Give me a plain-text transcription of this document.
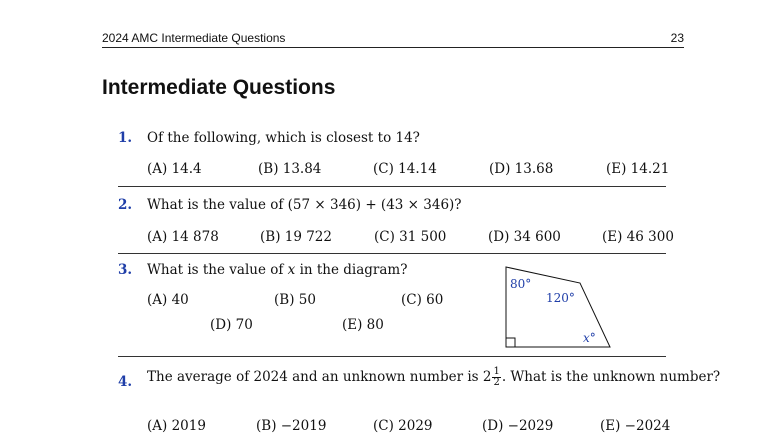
2024 AMC Intermediate Questions	23
Intermediate Questions
1. Of the following, which is closest to 14?
(A) 14.4	(B) 13.84	(C) 14.14	(D) 13.68	(E) 14.21
2. What is the value of (57 × 346) + (43 × 346)?
(A) 14 878	(B) 19 722	(C) 31 500	(D) 34 600	(E) 46 300
3. What is the value of x in the diagram?
(A) 40	(B) 50	(C) 60
(D) 70	(E) 80
80°
120°
x°
4. The average of 2024 and an unknown number is $2 \frac{1}{2}$ . What is the unknown number?
(A) 2019	(B) −2019	(C) 2029	(D) −2029	(E) −2024
